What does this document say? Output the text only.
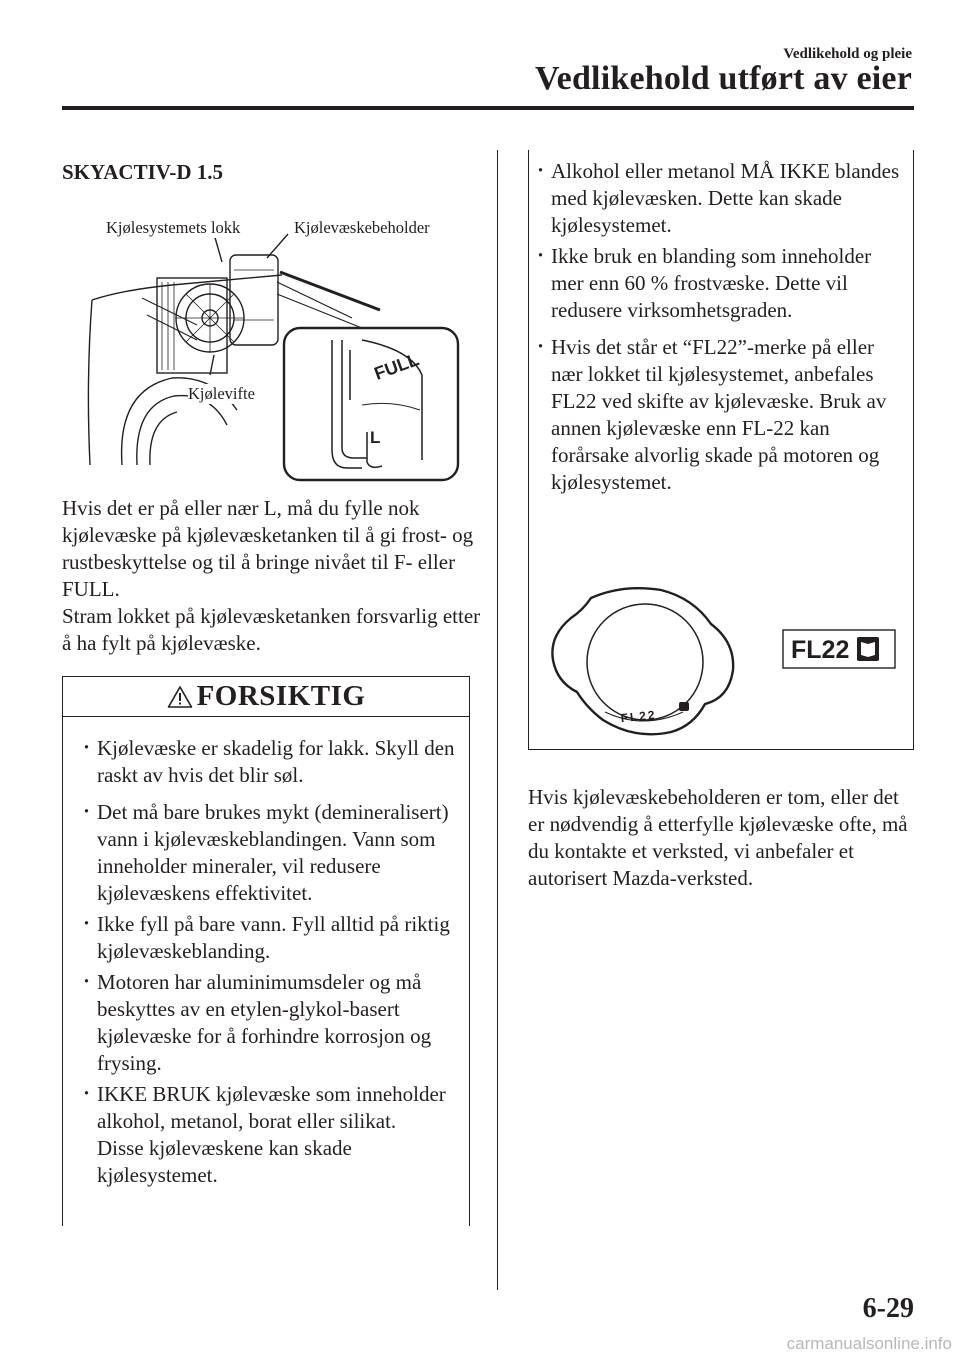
Vedlikehold og pleie
Vedlikehold utført av eier
SKYACTIV-D 1.5
FULL
L
Kjølesystemets lokk	Kjølevæskebeholder
Kjølevifte

Hvis det er på eller nær L, må du fylle nok kjølevæske på kjølevæsketanken til å gi frost- og rustbeskyttelse og til å bringe nivået til F- eller FULL.

Stram lokket på kjølevæsketanken forsvarlig etter å ha fylt på kjølevæske.

FORSIKTIG
· Kjølevæske er skadelig for lakk. Skyll den raskt av hvis det blir søl.
· Det må bare brukes mykt (demineralisert) vann i kjølevæskeblandingen. Vann som inneholder mineraler, vil redusere kjølevæskens effektivitet.
· Ikke fyll på bare vann. Fyll alltid på riktig kjølevæskeblanding.
· Motoren har aluminimumsdeler og må beskyttes av en etylen-glykol-basert kjølevæske for å forhindre korrosjon og frysing.
· IKKE BRUK kjølevæske som inneholder alkohol, metanol, borat eller silikat.
Disse kjølevæskene kan skade kjølesystemet.
· Alkohol eller metanol MÅ IKKE blandes med kjølevæsken. Dette kan skade kjølesystemet.
· Ikke bruk en blanding som inneholder mer enn 60 % frostvæske. Dette vil redusere virksomhetsgraden.
· Hvis det står et “FL22”-merke på eller nær lokket til kjølesystemet, anbefales FL22 ved skifte av kjølevæske. Bruk av annen kjølevæske enn FL-22 kan forårsake alvorlig skade på motoren og kjølesystemet.
FL22
FL22
Hvis kjølevæskebeholderen er tom, eller det er nødvendig å etterfylle kjølevæske ofte, må du kontakte et verksted, vi anbefaler et autorisert Mazda-verksted.
6-29
carmanualsonline.info
